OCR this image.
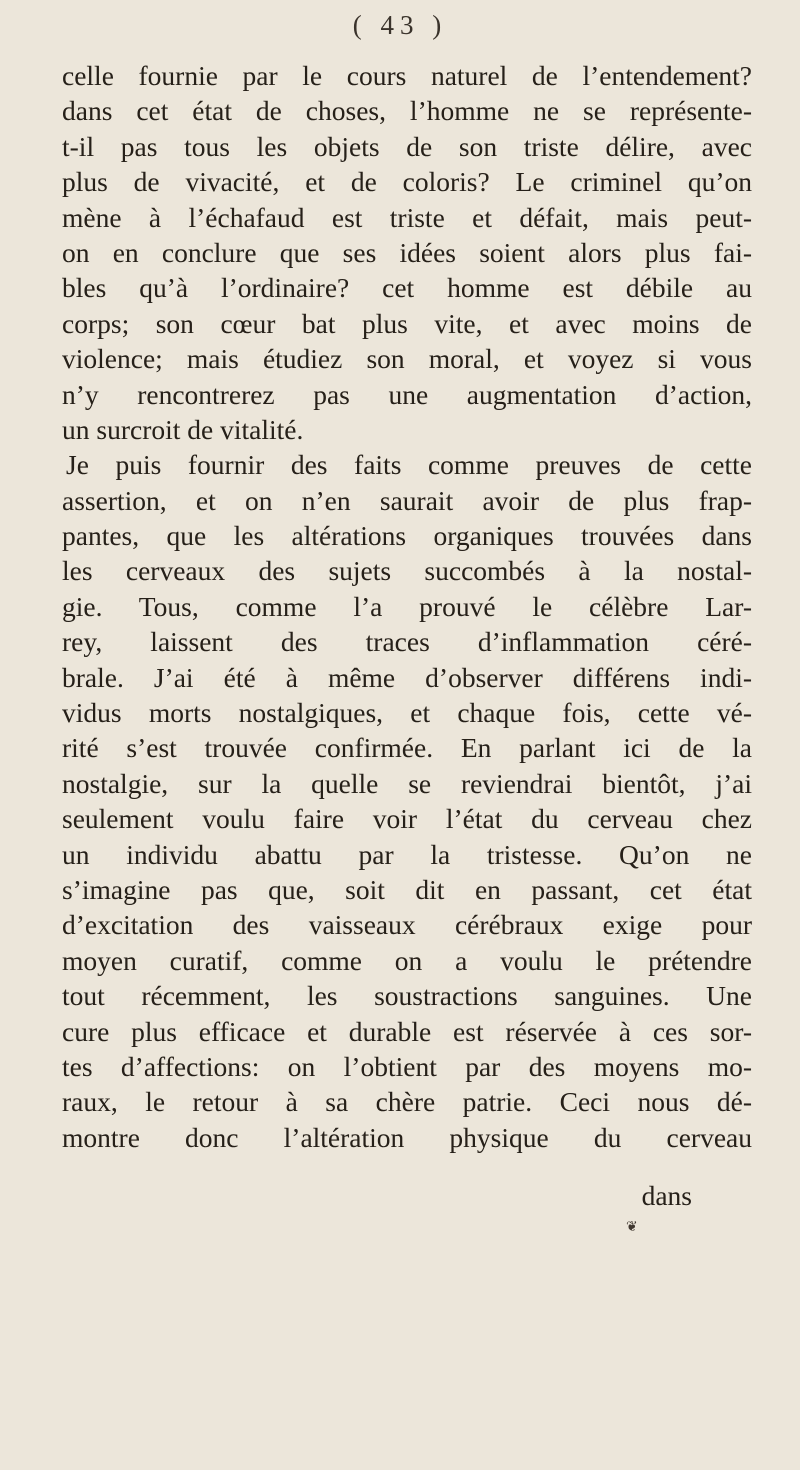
( 43 )
celle fournie par le cours naturel de l’entendement?
dans cet état de choses, l’homme ne se représente-
t-il pas tous les objets de son triste délire, avec
plus de vivacité, et de coloris? Le criminel qu’on
mène à l’échafaud est triste et défait, mais peut-
on en conclure que ses idées soient alors plus fai-
bles qu’à l’ordinaire? cet homme est débile au
corps; son cœur bat plus vite, et avec moins de
violence; mais étudiez son moral, et voyez si vous
n’y rencontrerez pas une augmentation d’action,
un surcroit de vitalité.
Je puis fournir des faits comme preuves de cette
assertion, et on n’en saurait avoir de plus frap-
pantes, que les altérations organiques trouvées dans
les cerveaux des sujets succombés à la nostal-
gie. Tous, comme l’a prouvé le célèbre Lar-
rey, laissent des traces d’inflammation céré-
brale. J’ai été à même d’observer différens indi-
vidus morts nostalgiques, et chaque fois, cette vé-
rité s’est trouvée confirmée. En parlant ici de la
nostalgie, sur la quelle se reviendrai bientôt, j’ai
seulement voulu faire voir l’état du cerveau chez
un individu abattu par la tristesse. Qu’on ne
s’imagine pas que, soit dit en passant, cet état
d’excitation des vaisseaux cérébraux exige pour
moyen curatif, comme on a voulu le prétendre
tout récemment, les soustractions sanguines. Une
cure plus efficace et durable est réservée à ces sor-
tes d’affections: on l’obtient par des moyens mo-
raux, le retour à sa chère patrie. Ceci nous dé-
montre donc l’altération physique du cerveau
dans
❦
